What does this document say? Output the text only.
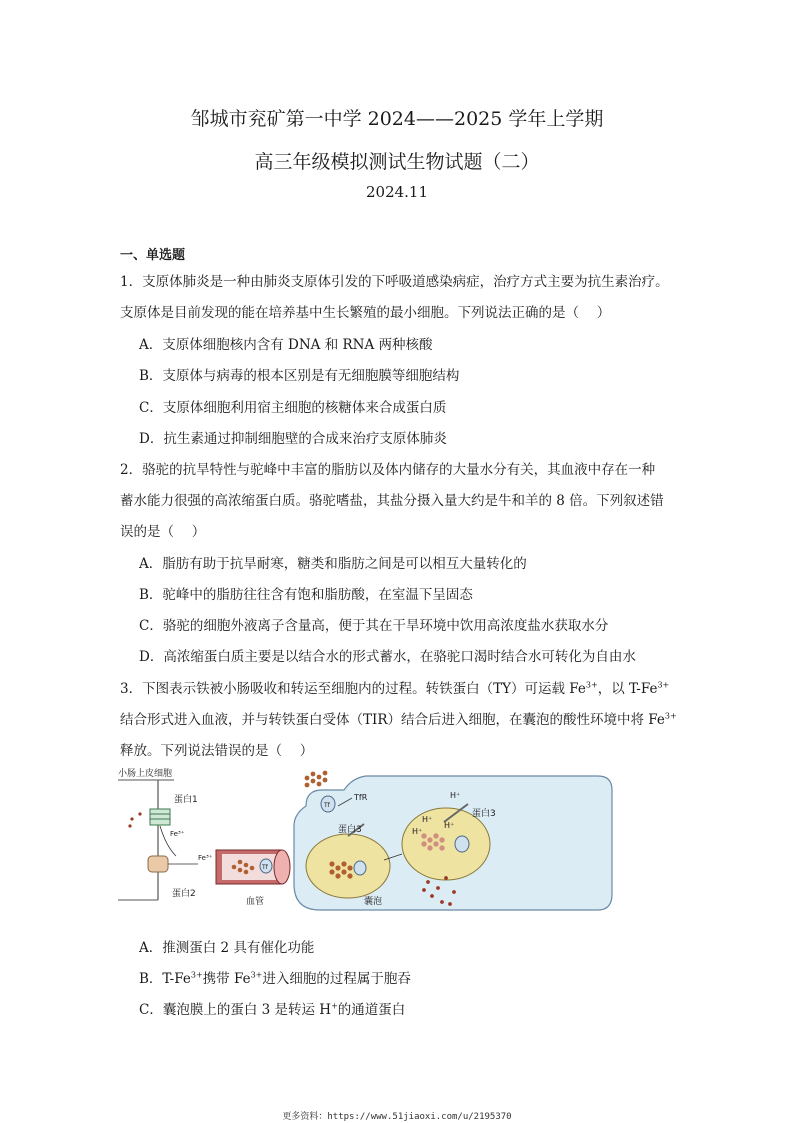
邹城市兖矿第一中学 2024——2025 学年上学期
高三年级模拟测试生物试题（二）
2024.11
一、单选题
1．支原体肺炎是一种由肺炎支原体引发的下呼吸道感染病症，治疗方式主要为抗生素治疗。
支原体是目前发现的能在培养基中生长繁殖的最小细胞。下列说法正确的是（　 ）
A．支原体细胞核内含有 DNA 和 RNA 两种核酸
B．支原体与病毒的根本区别是有无细胞膜等细胞结构
C．支原体细胞利用宿主细胞的核糖体来合成蛋白质
D．抗生素通过抑制细胞壁的合成来治疗支原体肺炎
2．骆驼的抗旱特性与驼峰中丰富的脂肪以及体内储存的大量水分有关，其血液中存在一种
蓄水能力很强的高浓缩蛋白质。骆驼嗜盐，其盐分摄入量大约是牛和羊的 8 倍。下列叙述错
误的是（　 ）
A．脂肪有助于抗旱耐寒，糖类和脂肪之间是可以相互大量转化的
B．驼峰中的脂肪往往含有饱和脂肪酸，在室温下呈固态
C．骆驼的细胞外液离子含量高，便于其在干旱环境中饮用高浓度盐水获取水分
D．高浓缩蛋白质主要是以结合水的形式蓄水，在骆驼口渴时结合水可转化为自由水
3．下图表示铁被小肠吸收和转运至细胞内的过程。转铁蛋白（TY）可运载 $Fe^{3+}$，以 $T-Fe^{3+}$
结合形式进入血液，并与转铁蛋白受体（TIR）结合后进入细胞，在囊泡的酸性环境中将 $Fe^{3+}$
释放。下列说法错误的是（　 ）
小肠上皮细胞
蛋白1
Fe³⁺
蛋白2
Fe³⁺
Tf
血管
Tf
TfR
蛋白3
蛋白3
H⁺
H⁺
H⁺
H⁺
囊泡
A．推测蛋白 2 具有催化功能
B．$T-Fe^{3+}$携带 $Fe^{3+}$进入细胞的过程属于胞吞
C．囊泡膜上的蛋白 3 是转运 H+的通道蛋白
更多资料：https://www.51jiaoxi.com/u/2195370
